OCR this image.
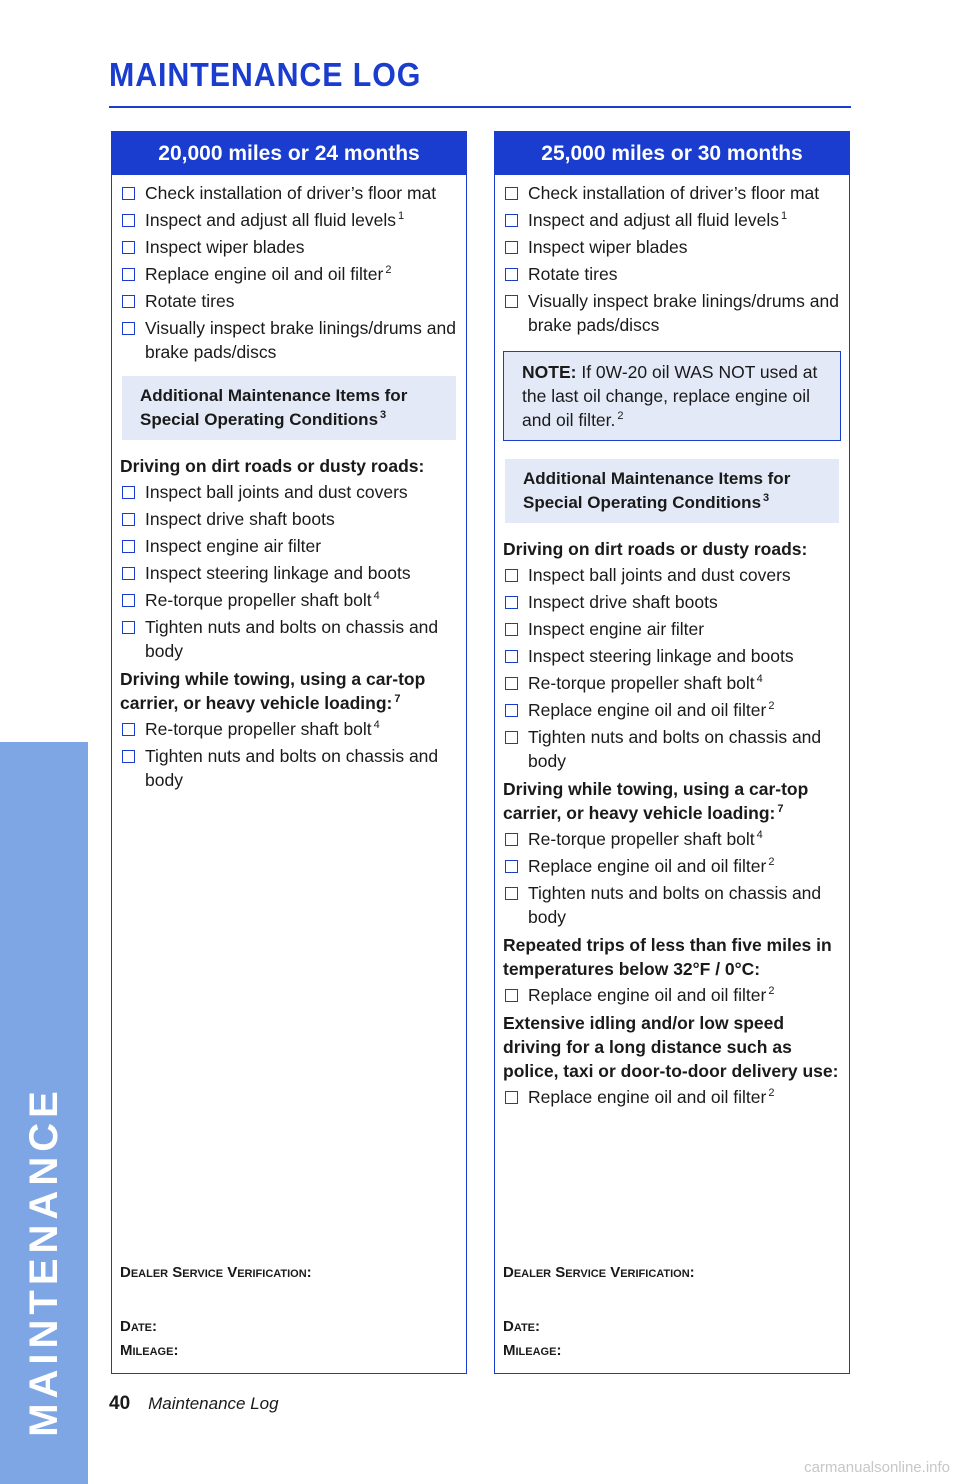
MAINTENANCE
MAINTENANCE LOG
20,000 miles or 24 months
Check installation of driver’s floor mat
Inspect and adjust all fluid levels $^1$
Inspect wiper blades
Replace engine oil and oil filter $^2$
Rotate tires
Visually inspect brake linings/drums and brake pads/discs
Additional Maintenance Items for Special Operating Conditions $^3$
Driving on dirt roads or dusty roads:
Inspect ball joints and dust covers
Inspect drive shaft boots
Inspect engine air filter
Inspect steering linkage and boots
Re-torque propeller shaft bolt $^4$
Tighten nuts and bolts on chassis and body
Driving while towing, using a car-top carrier, or heavy vehicle loading: $^7$
Re-torque propeller shaft bolt $^4$
Tighten nuts and bolts on chassis and body

Dealer Service Verification:

Date:

Mileage:

25,000 miles or 30 months
Check installation of driver’s floor mat
Inspect and adjust all fluid levels $^1$
Inspect wiper blades
Rotate tires
Visually inspect brake linings/drums and brake pads/discs
NOTE: If 0W-20 oil WAS NOT used at the last oil change, replace engine oil and oil filter. $^2$
Additional Maintenance Items for Special Operating Conditions $^3$
Driving on dirt roads or dusty roads:
Inspect ball joints and dust covers
Inspect drive shaft boots
Inspect engine air filter
Inspect steering linkage and boots
Re-torque propeller shaft bolt $^4$
Replace engine oil and oil filter $^2$
Tighten nuts and bolts on chassis and body
Driving while towing, using a car-top carrier, or heavy vehicle loading: $^7$
Re-torque propeller shaft bolt $^4$
Replace engine oil and oil filter $^2$
Tighten nuts and bolts on chassis and body
Repeated trips of less than five miles in temperatures below 32°F / 0°C:
Replace engine oil and oil filter $^2$
Extensive idling and/or low speed driving for a long distance such as police, taxi or door-to-door delivery use:
Replace engine oil and oil filter $^2$

Dealer Service Verification:

Date:

Mileage:

40 Maintenance Log
carmanualsonline.info
